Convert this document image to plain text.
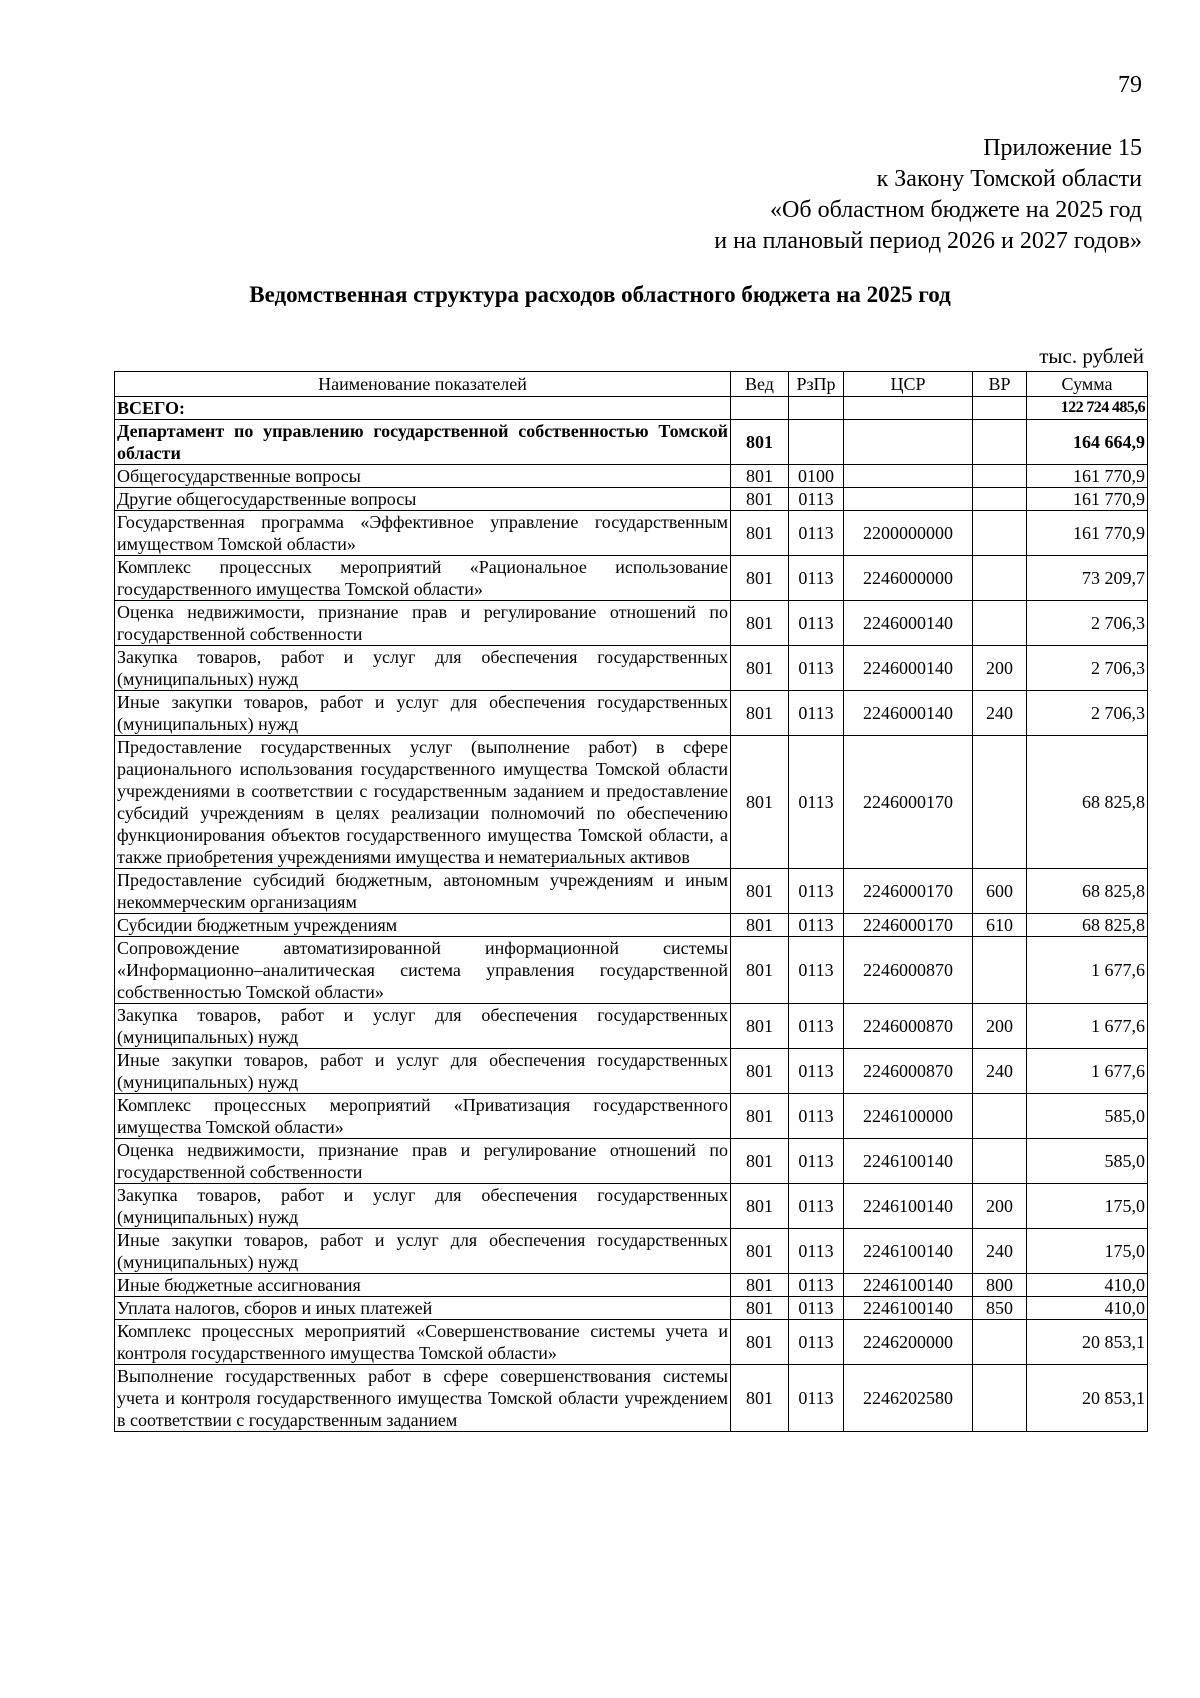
79
Приложение 15
к Закону Томской области
«Об областном бюджете на 2025 год
и на плановый период 2026 и 2027 годов»
Ведомственная структура расходов областного бюджета на 2025 год
тыс. рублей
Наименование показателей	Вед	РзПр	ЦСР	ВР	Сумма
ВСЕГО:					122 724 485,6
Департамент по управлению государственной собственностью Томской области	801				164 664,9
Общегосударственные вопросы	801	0100			161 770,9
Другие общегосударственные вопросы	801	0113			161 770,9
Государственная программа «Эффективное управление государственным имуществом Томской области»	801	0113	2200000000		161 770,9
Комплекс процессных мероприятий «Рациональное использование государственного имущества Томской области»	801	0113	2246000000		73 209,7
Оценка недвижимости, признание прав и регулирование отношений по государственной собственности	801	0113	2246000140		2 706,3
Закупка товаров, работ и услуг для обеспечения государственных (муниципальных) нужд	801	0113	2246000140	200	2 706,3
Иные закупки товаров, работ и услуг для обеспечения государственных (муниципальных) нужд	801	0113	2246000140	240	2 706,3
Предоставление государственных услуг (выполнение работ) в сфере рационального использования государственного имущества Томской области учреждениями в соответствии с государственным заданием и предоставление субсидий учреждениям в целях реализации полномочий по обеспечению функционирования объектов государственного имущества Томской области, а также приобретения учреждениями имущества и нематериальных активов	801	0113	2246000170		68 825,8
Предоставление субсидий бюджетным, автономным учреждениям и иным некоммерческим организациям	801	0113	2246000170	600	68 825,8
Субсидии бюджетным учреждениям	801	0113	2246000170	610	68 825,8
Сопровождение автоматизированной информационной системы «Информационно–аналитическая система управления государственной собственностью Томской области»	801	0113	2246000870		1 677,6
Закупка товаров, работ и услуг для обеспечения государственных (муниципальных) нужд	801	0113	2246000870	200	1 677,6
Иные закупки товаров, работ и услуг для обеспечения государственных (муниципальных) нужд	801	0113	2246000870	240	1 677,6
Комплекс процессных мероприятий «Приватизация государственного имущества Томской области»	801	0113	2246100000		585,0
Оценка недвижимости, признание прав и регулирование отношений по государственной собственности	801	0113	2246100140		585,0
Закупка товаров, работ и услуг для обеспечения государственных (муниципальных) нужд	801	0113	2246100140	200	175,0
Иные закупки товаров, работ и услуг для обеспечения государственных (муниципальных) нужд	801	0113	2246100140	240	175,0
Иные бюджетные ассигнования	801	0113	2246100140	800	410,0
Уплата налогов, сборов и иных платежей	801	0113	2246100140	850	410,0
Комплекс процессных мероприятий «Совершенствование системы учета и контроля государственного имущества Томской области»	801	0113	2246200000		20 853,1
Выполнение государственных работ в сфере совершенствования системы учета и контроля государственного имущества Томской области учреждением в соответствии с государственным заданием	801	0113	2246202580		20 853,1
